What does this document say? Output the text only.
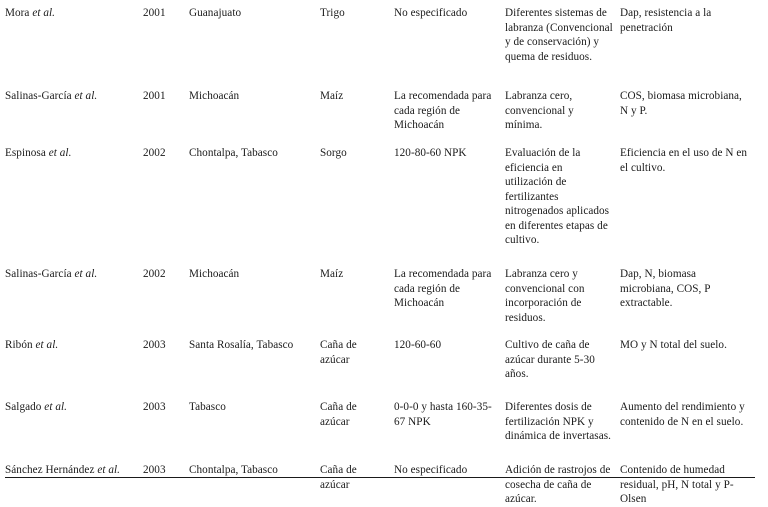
Mora et al.	2001	Guanajuato	Trigo	No especificado	Diferentes sistemas de labranza (Convencional y de conservación) y quema de residuos.	Dap, resistencia a la penetración
Salinas-García et al.	2001	Michoacán	Maíz	La recomendada para cada región de Michoacán	Labranza cero, convencional y mínima.	COS, biomasa microbiana, N y P.
Espinosa et al.	2002	Chontalpa, Tabasco	Sorgo	120-80-60 NPK	Evaluación de la eficiencia en utilización de fertilizantes nitrogenados aplicados en diferentes etapas de cultivo.	Eficiencia en el uso de N en el cultivo.
Salinas-García et al.	2002	Michoacán	Maíz	La recomendada para cada región de Michoacán	Labranza cero y convencional con incorporación de residuos.	Dap, N, biomasa microbiana, COS, P extractable.
Ribón et al.	2003	Santa Rosalía, Tabasco	Caña de azúcar	120-60-60	Cultivo de caña de azúcar durante 5-30 años.	MO y N total del suelo.
Salgado et al.	2003	Tabasco	Caña de azúcar	0-0-0 y hasta 160-35-67 NPK	Diferentes dosis de fertilización NPK y dinámica de invertasas.	Aumento del rendimiento y contenido de N en el suelo.
Sánchez Hernández et al.	2003	Chontalpa, Tabasco	Caña de azúcar	No especificado	Adición de rastrojos de cosecha de caña de azúcar.	Contenido de humedad residual, pH, N total y P-Olsen
